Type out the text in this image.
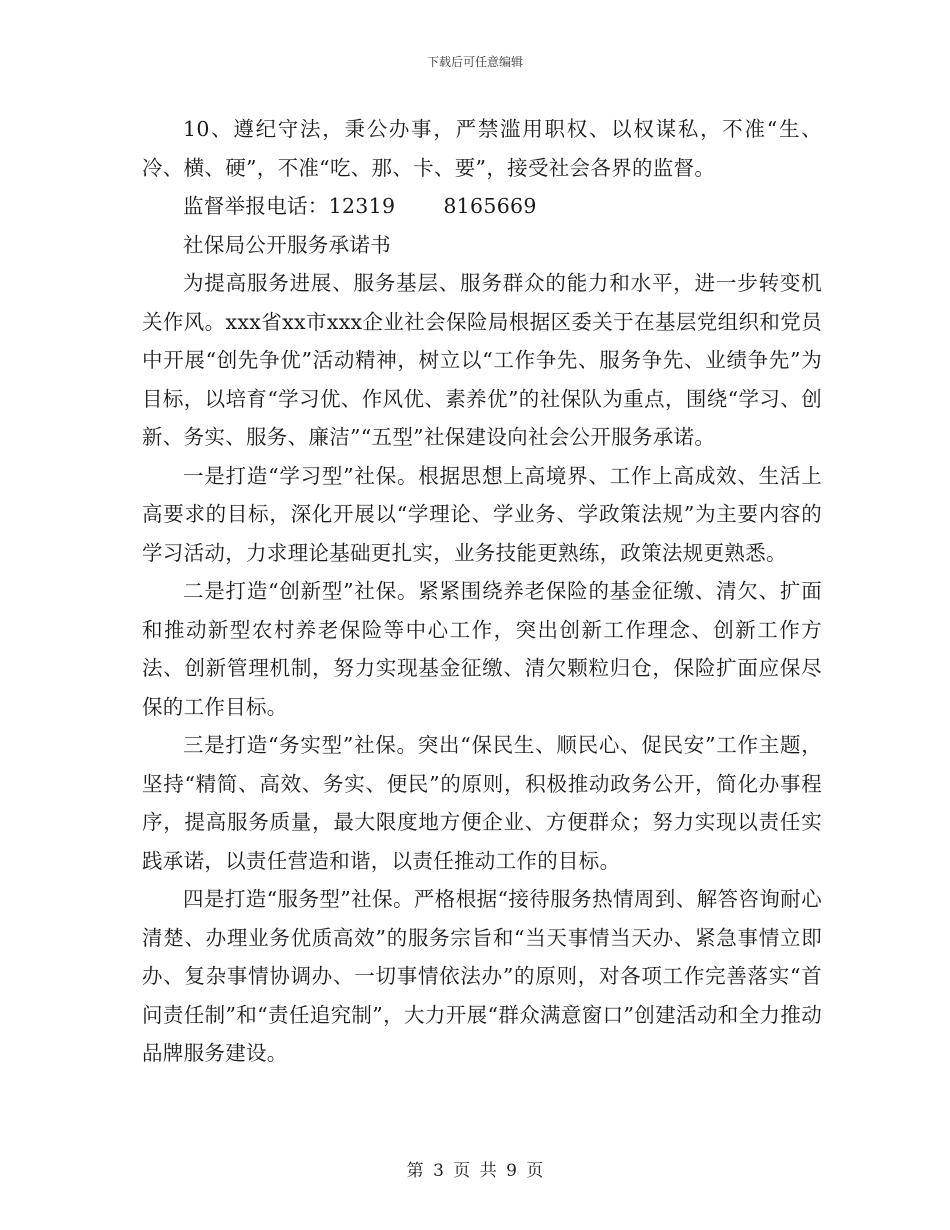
下载后可任意编辑

10、遵纪守法，秉公办事，严禁滥用职权、以权谋私，不准“生、冷、横、硬”，不准“吃、那、卡、要”，接受社会各界的监督。

监督举报电话：12319 8165669

社保局公开服务承诺书

为提高服务进展、服务基层、服务群众的能力和水平，进一步转变机关作风。xxx省xx市xxx企业社会保险局根据区委关于在基层党组织和党员中开展“创先争优”活动精神，树立以“工作争先、服务争先、业绩争先”为目标，以培育“学习优、作风优、素养优”的社保队为重点，围绕“学习、创新、务实、服务、廉洁”“五型”社保建设向社会公开服务承诺。

一是打造“学习型”社保。根据思想上高境界、工作上高成效、生活上高要求的目标，深化开展以“学理论、学业务、学政策法规”为主要内容的学习活动，力求理论基础更扎实，业务技能更熟练，政策法规更熟悉。

二是打造“创新型”社保。紧紧围绕养老保险的基金征缴、清欠、扩面和推动新型农村养老保险等中心工作，突出创新工作理念、创新工作方法、创新管理机制，努力实现基金征缴、清欠颗粒归仓，保险扩面应保尽保的工作目标。

三是打造“务实型”社保。突出“保民生、顺民心、促民安”工作主题，坚持“精简、高效、务实、便民”的原则，积极推动政务公开，简化办事程序，提高服务质量，最大限度地方便企业、方便群众；努力实现以责任实践承诺，以责任营造和谐，以责任推动工作的目标。

四是打造“服务型”社保。严格根据“接待服务热情周到、解答咨询耐心清楚、办理业务优质高效”的服务宗旨和“当天事情当天办、紧急事情立即办、复杂事情协调办、一切事情依法办”的原则，对各项工作完善落实“首问责任制”和“责任追究制”，大力开展“群众满意窗口”创建活动和全力推动品牌服务建设。

第 3 页 共 9 页
